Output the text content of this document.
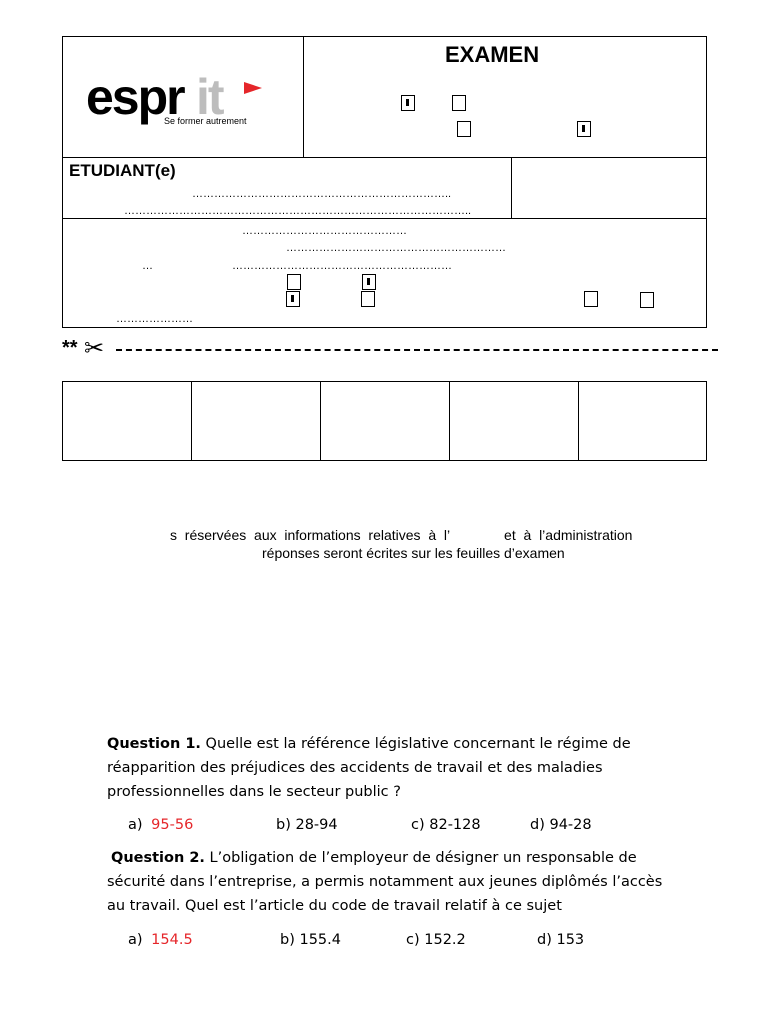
espr it
Se former autrement
EXAMEN
ETUDIANT(e)
……………………………………………………………..
…………………………………………………………………………………..
………………………………………
……………………………………………………
…	……………………………………………………
…………………
** ✂
s  réservées  aux  informations  relatives  à  l’              et  à  l’administration
réponses seront écrites sur les feuilles d’examen
Question 1. Quelle est la référence législative concernant le régime de
réapparition des préjudices des accidents de travail et des maladies
professionnelles dans le secteur public ?
a) 95-56	b) 28-94	c) 82-128	d) 94-28
Question 2. L’obligation de l’employeur de désigner un responsable de
sécurité dans l’entreprise, a permis notamment aux jeunes diplômés l’accès
au travail. Quel est l’article du code de travail relatif à ce sujet
a) 154.5	b) 155.4	c) 152.2	d) 153
